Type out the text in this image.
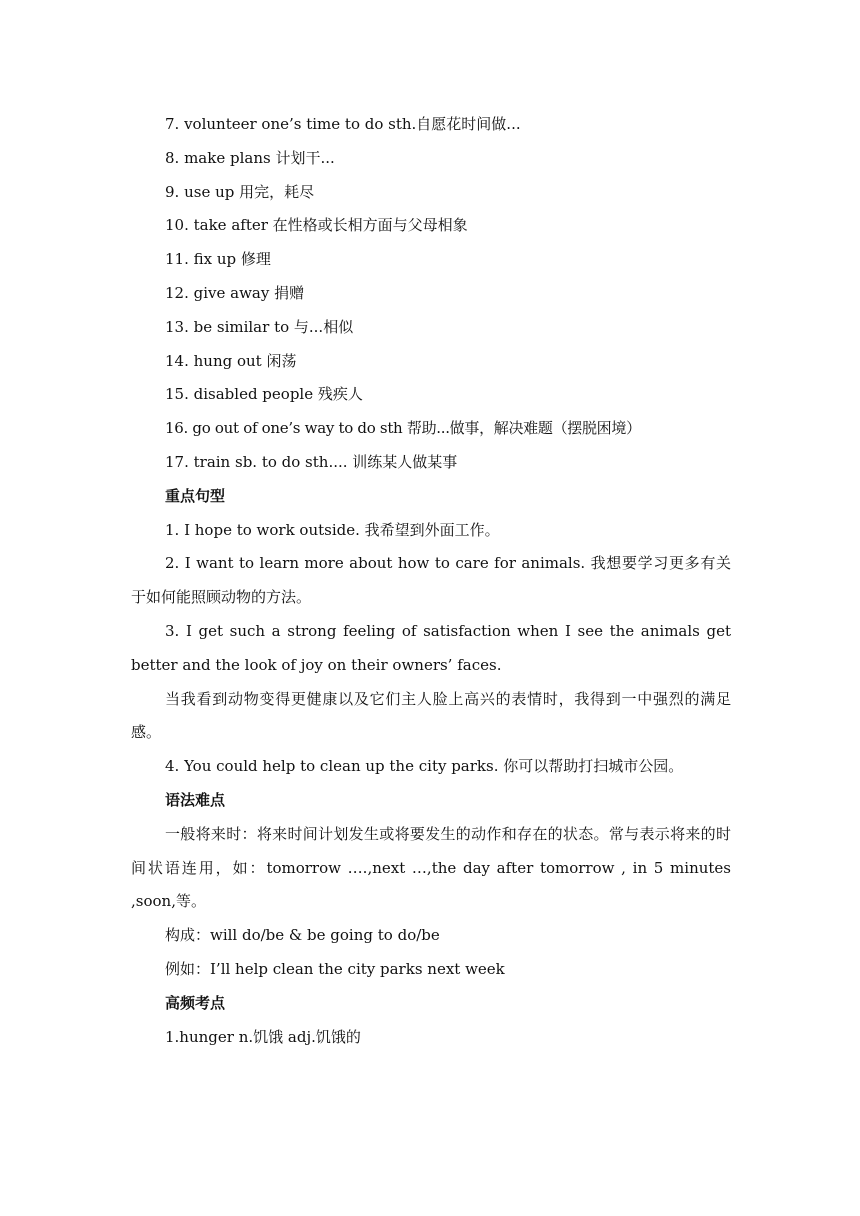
7. volunteer one’s time to do sth.自愿花时间做...
8. make plans 计划干...
9. use up 用完，耗尽
10. take after 在性格或长相方面与父母相象
11. fix up 修理
12. give away 捐赠
13. be similar to 与...相似
14. hung out 闲荡
15. disabled people 残疾人
16. go out of one’s way to do sth 帮助...做事，解决难题（摆脱困境）
17. train sb. to do sth.... 训练某人做某事
重点句型
1. I hope to work outside. 我希望到外面工作。
2. I want to learn more about how to care for animals. 我想要学习更多有关于如何能照顾动物的方法。
3. I get such a strong feeling of satisfaction when I see the animals get better and the look of joy on their owners’ faces.
当我看到动物变得更健康以及它们主人脸上高兴的表情时，我得到一中强烈的满足感。
4. You could help to clean up the city parks. 你可以帮助打扫城市公园。
语法难点
一般将来时：将来时间计划发生或将要发生的动作和存在的状态。常与表示将来的时间状语连用，如：tomorrow ….,next …,the day after tomorrow , in 5 minutes ,soon,等。
构成：will do/be & be going to do/be
例如：I’ll help clean the city parks next week
高频考点
1.hunger n.饥饿 adj.饥饿的
